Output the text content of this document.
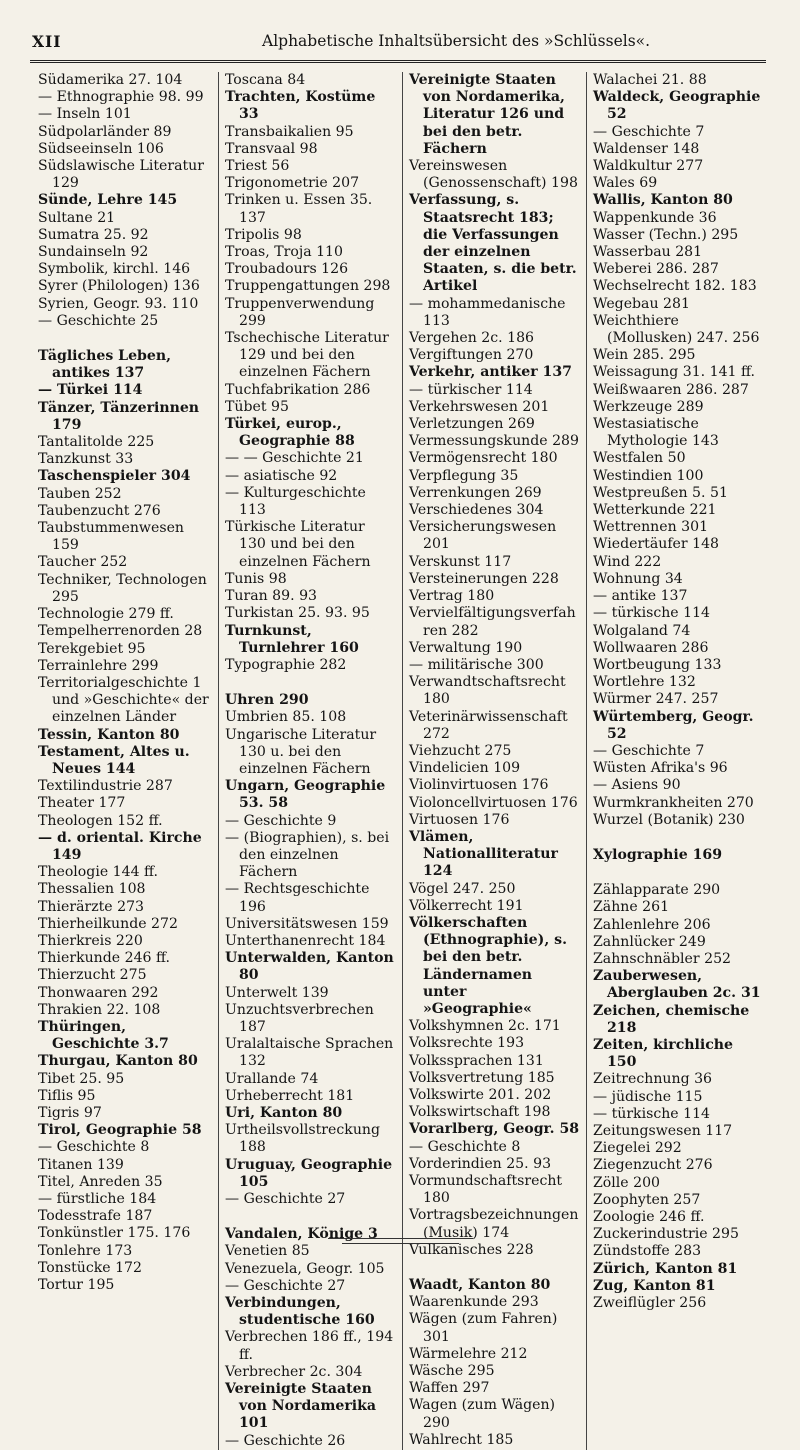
XII	Alphabetische Inhaltsübersicht des »Schlüssels«.
Südamerika 27. 104
— Ethnographie 98. 99
— Inseln 101
Südpolarländer 89
Südseeinseln 106
Südslawische Literatur 129
Sünde, Lehre 145
Sultane 21
Sumatra 25. 92
Sundainseln 92
Symbolik, kirchl. 146
Syrer (Philologen) 136
Syrien, Geogr. 93. 110
— Geschichte 25
Tägliches Leben, antikes 137
— Türkei 114
Tänzer, Tänzerinnen 179
Tantalitolde 225
Tanzkunst 33
Taschenspieler 304
Tauben 252
Taubenzucht 276
Taubstummenwesen 159
Taucher 252
Techniker, Technologen 295
Technologie 279 ff.
Tempelherrenorden 28
Terekgebiet 95
Terrainlehre 299
Territorialgeschichte 1 und »Geschichte« der einzelnen Länder
Tessin, Kanton 80
Testament, Altes u. Neues 144
Textilindustrie 287
Theater 177
Theologen 152 ff.
— d. oriental. Kirche 149
Theologie 144 ff.
Thessalien 108
Thierärzte 273
Thierheilkunde 272
Thierkreis 220
Thierkunde 246 ff.
Thierzucht 275
Thonwaaren 292
Thrakien 22. 108
Thüringen, Geschichte 3.7
Thurgau, Kanton 80
Tibet 25. 95
Tiflis 95
Tigris 97
Tirol, Geographie 58
— Geschichte 8
Titanen 139
Titel, Anreden 35
— fürstliche 184
Todesstrafe 187
Tonkünstler 175. 176
Tonlehre 173
Tonstücke 172
Tortur 195
Toscana 84
Trachten, Kostüme 33
Transbaikalien 95
Transvaal 98
Triest 56
Trigonometrie 207
Trinken u. Essen 35. 137
Tripolis 98
Troas, Troja 110
Troubadours 126
Truppengattungen 298
Truppenverwendung 299
Tschechische Literatur 129 und bei den einzelnen Fächern
Tuchfabrikation 286
Tübet 95
Türkei, europ., Geographie 88
— — Geschichte 21
— asiatische 92
— Kulturgeschichte 113
Türkische Literatur 130 und bei den einzelnen Fächern
Tunis 98
Turan 89. 93
Turkistan 25. 93. 95
Turnkunst, Turnlehrer 160
Typographie 282
Uhren 290
Umbrien 85. 108
Ungarische Literatur 130 u. bei den einzelnen Fächern
Ungarn, Geographie 53. 58
— Geschichte 9
— (Biographien), s. bei den einzelnen Fächern
— Rechtsgeschichte 196
Universitätswesen 159
Unterthanenrecht 184
Unterwalden, Kanton 80
Unterwelt 139
Unzuchtsverbrechen 187
Uralaltaische Sprachen 132
Urallande 74
Urheberrecht 181
Uri, Kanton 80
Urtheilsvollstreckung 188
Uruguay, Geographie 105
— Geschichte 27
Vandalen, Könige 3
Venetien 85
Venezuela, Geogr. 105
— Geschichte 27
Verbindungen, studentische 160
Verbrechen 186 ff., 194 ff.
Verbrecher 2c. 304
Vereinigte Staaten von Nordamerika 101
— Geschichte 26
Vereinigte Staaten von Nordamerika, Literatur 126 und bei den betr. Fächern
Vereinswesen (Genossenschaft) 198
Verfassung, s. Staatsrecht 183; die Verfassungen der einzelnen Staaten, s. die betr. Artikel
— mohammedanische 113
Vergehen 2c. 186
Vergiftungen 270
Verkehr, antiker 137
— türkischer 114
Verkehrswesen 201
Verletzungen 269
Vermessungskunde 289
Vermögensrecht 180
Verpflegung 35
Verrenkungen 269
Verschiedenes 304
Versicherungswesen 201
Verskunst 117
Versteinerungen 228
Vertrag 180
Vervielfältigungsverfahren 282
Verwaltung 190
— militärische 300
Verwandtschaftsrecht 180
Veterinärwissenschaft 272
Viehzucht 275
Vindelicien 109
Violinvirtuosen 176
Violoncellvirtuosen 176
Virtuosen 176
Vlämen, Nationalliteratur 124
Vögel 247. 250
Völkerrecht 191
Völkerschaften (Ethnographie), s. bei den betr. Ländernamen unter »Geographie«
Volkshymnen 2c. 171
Volksrechte 193
Volkssprachen 131
Volksvertretung 185
Volkswirte 201. 202
Volkswirtschaft 198
Vorarlberg, Geogr. 58
— Geschichte 8
Vorderindien 25. 93
Vormundschaftsrecht 180
Vortragsbezeichnungen (Musik) 174
Vulkanisches 228
Waadt, Kanton 80
Waarenkunde 293
Wägen (zum Fahren) 301
Wärmelehre 212
Wäsche 295
Waffen 297
Wagen (zum Wägen) 290
Wahlrecht 185
Walachei 21. 88
Waldeck, Geographie 52
— Geschichte 7
Waldenser 148
Waldkultur 277
Wales 69
Wallis, Kanton 80
Wappenkunde 36
Wasser (Techn.) 295
Wasserbau 281
Weberei 286. 287
Wechselrecht 182. 183
Wegebau 281
Weichthiere (Mollusken) 247. 256
Wein 285. 295
Weissagung 31. 141 ff.
Weißwaaren 286. 287
Werkzeuge 289
Westasiatische Mythologie 143
Westfalen 50
Westindien 100
Westpreußen 5. 51
Wetterkunde 221
Wettrennen 301
Wiedertäufer 148
Wind 222
Wohnung 34
— antike 137
— türkische 114
Wolgaland 74
Wollwaaren 286
Wortbeugung 133
Wortlehre 132
Würmer 247. 257
Würtemberg, Geogr. 52
— Geschichte 7
Wüsten Afrika's 96
— Asiens 90
Wurmkrankheiten 270
Wurzel (Botanik) 230
Xylographie 169
Zählapparate 290
Zähne 261
Zahlenlehre 206
Zahnlücker 249
Zahnschnäbler 252
Zauberwesen, Aberglauben 2c. 31
Zeichen, chemische 218
Zeiten, kirchliche 150
Zeitrechnung 36
— jüdische 115
— türkische 114
Zeitungswesen 117
Ziegelei 292
Ziegenzucht 276
Zölle 200
Zoophyten 257
Zoologie 246 ff.
Zuckerindustrie 295
Zündstoffe 283
Zürich, Kanton 81
Zug, Kanton 81
Zweiflügler 256
